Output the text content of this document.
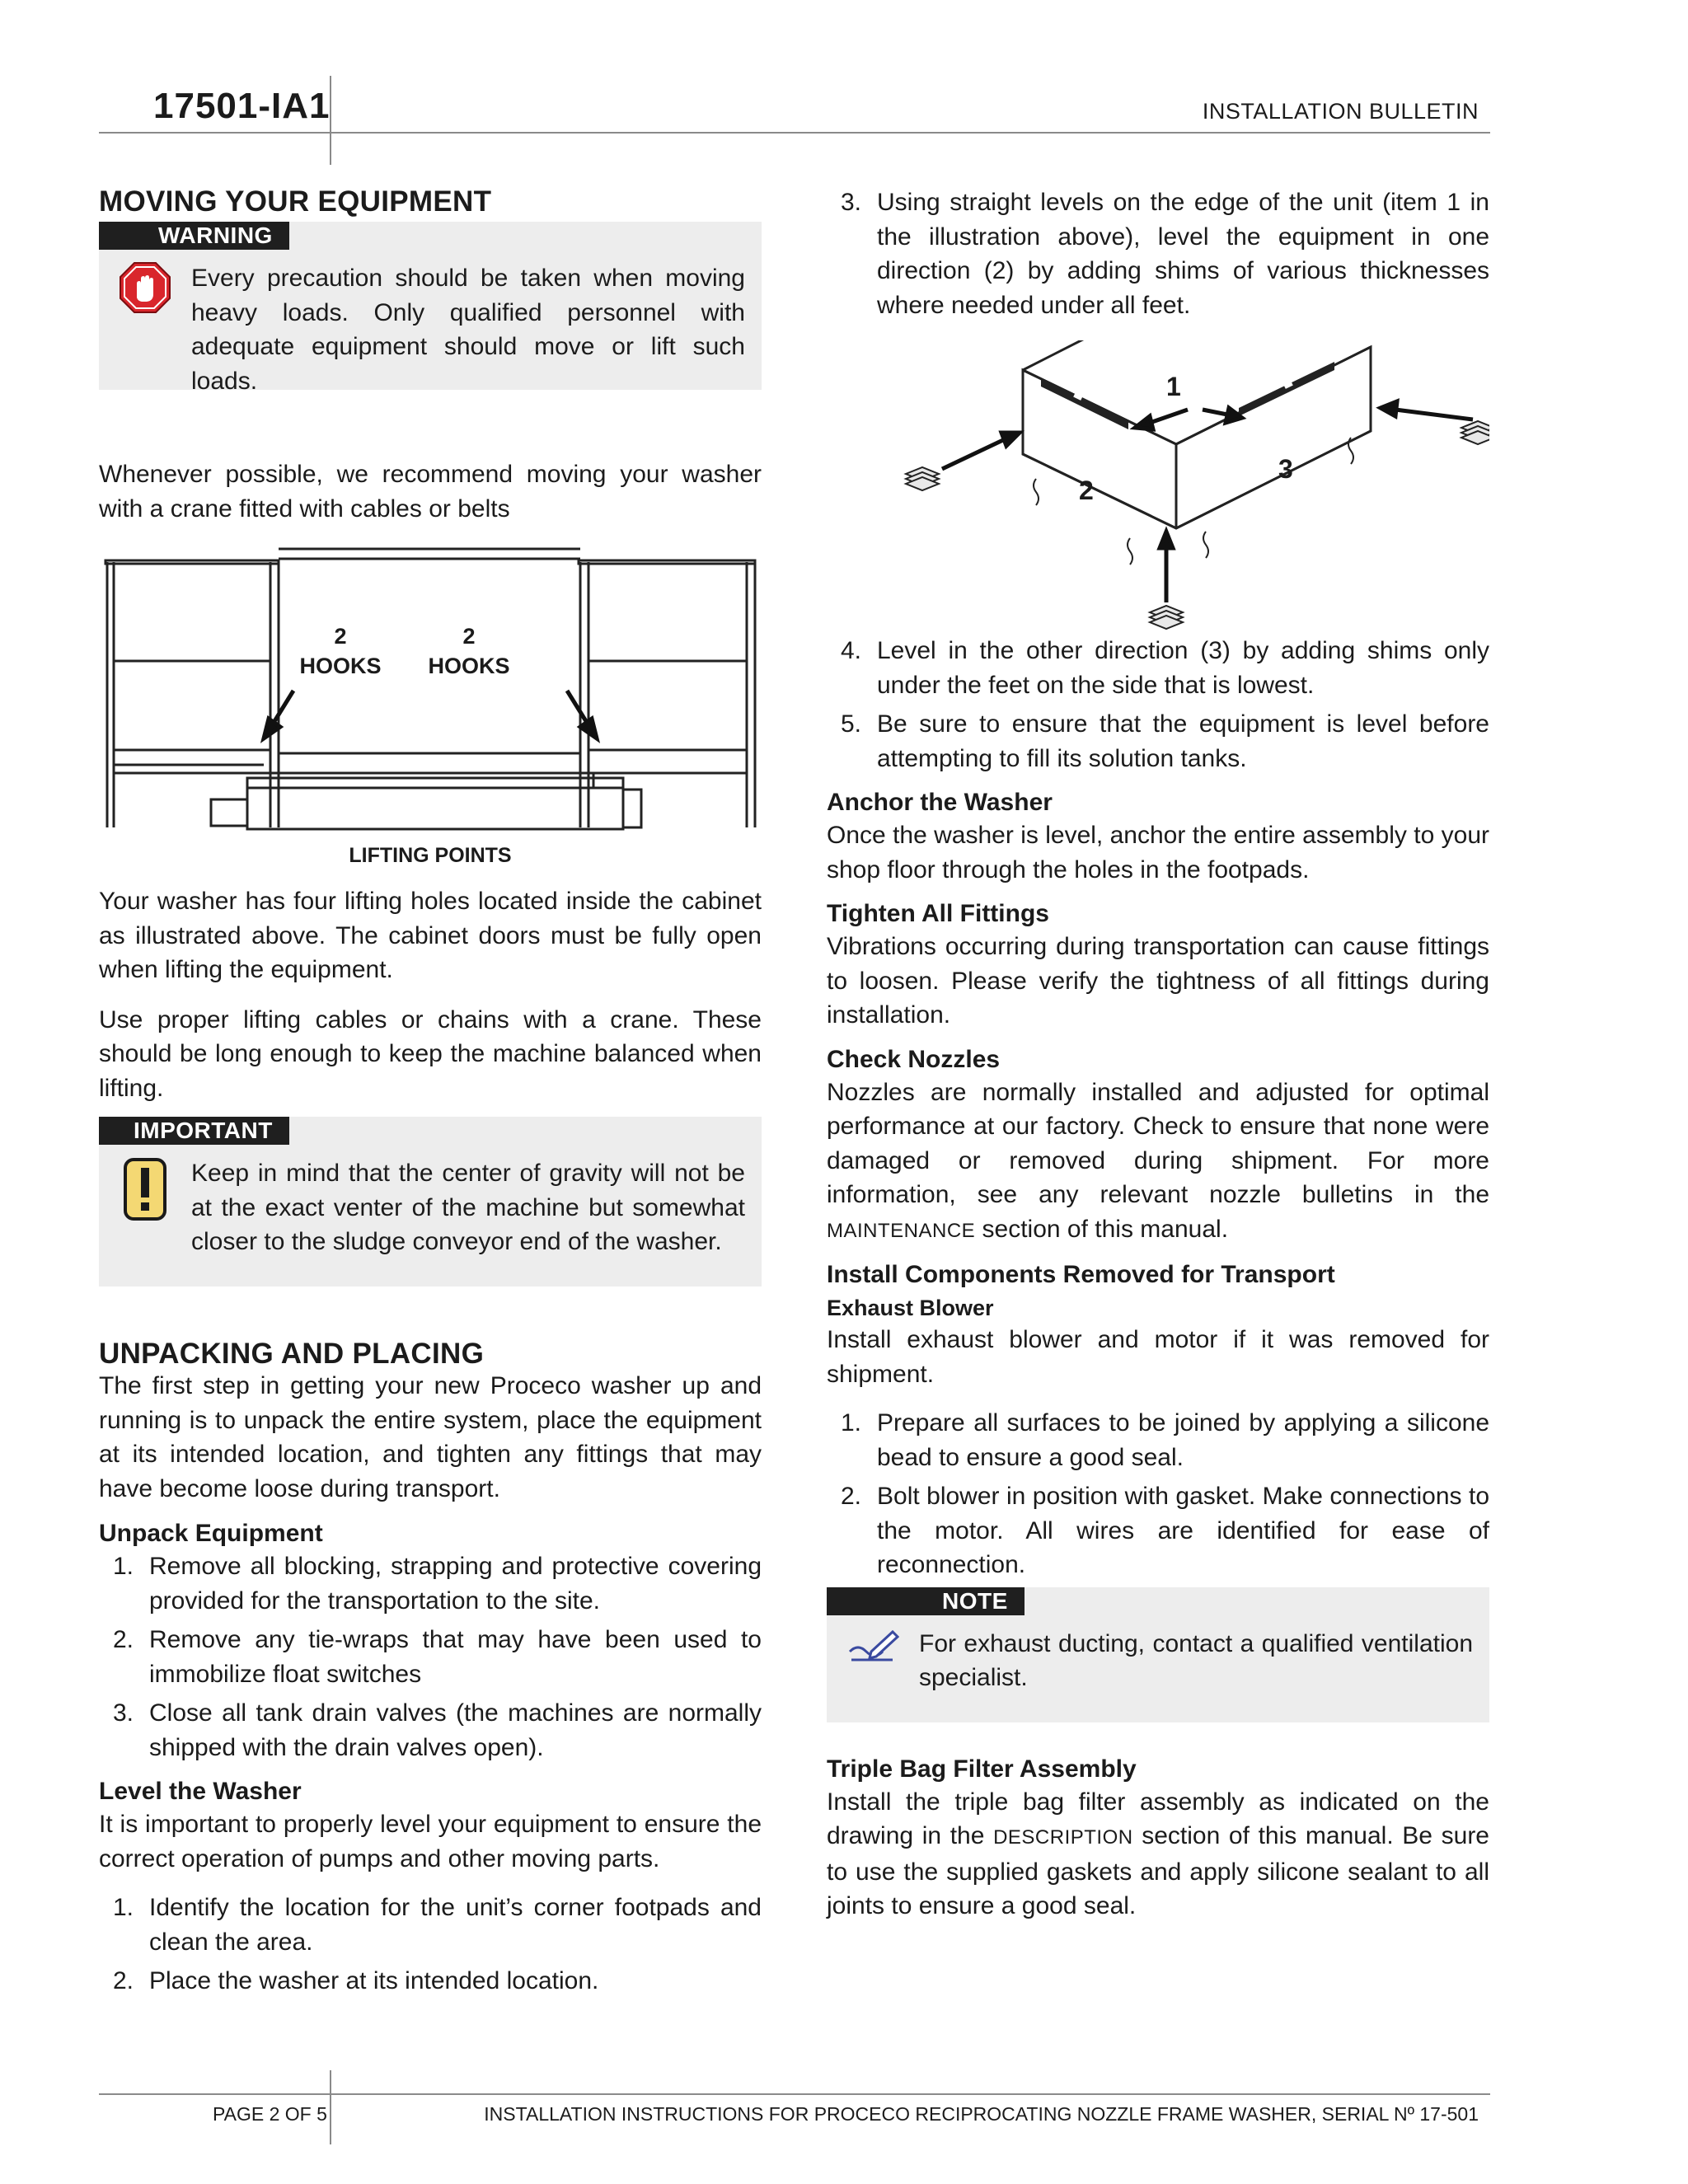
17501-IA1	INSTALLATION BULLETIN
MOVING YOUR EQUIPMENT
WARNING
Every precaution should be taken when moving heavy loads. Only qualified personnel with adequate equipment should move or lift such loads.

Whenever possible, we recommend moving your washer with a crane fitted with cables or belts

2
HOOKS
2
HOOKS
LIFTING POINTS

Your washer has four lifting holes located inside the cabinet as illustrated above. The cabinet doors must be fully open when lifting the equipment.

Use proper lifting cables or chains with a crane. These should be long enough to keep the machine balanced when lifting.

IMPORTANT
Keep in mind that the center of gravity will not be at the exact venter of the machine but somewhat closer to the sludge conveyor end of the washer.
UNPACKING AND PLACING

The first step in getting your new Proceco washer up and running is to unpack the entire system, place the equipment at its intended location, and tighten any fittings that may have become loose during transport.

Unpack Equipment
1. Remove all blocking, strapping and protective covering provided for the transportation to the site.
2. Remove any tie-wraps that may have been used to immobilize float switches
3. Close all tank drain valves (the machines are normally shipped with the drain valves open).
Level the Washer

It is important to properly level your equipment to ensure the correct operation of pumps and other moving parts.

1. Identify the location for the unit’s corner footpads and clean the area.
2. Place the washer at its intended location.
3. Using straight levels on the edge of the unit (item 1 in the illustration above), level the equipment in one direction (2) by adding shims of various thicknesses where needed under all feet.
1
2
3
4. Level in the other direction (3) by adding shims only under the feet on the side that is lowest.
5. Be sure to ensure that the equipment is level before attempting to fill its solution tanks.
Anchor the Washer

Once the washer is level, anchor the entire assembly to your shop floor through the holes in the footpads.

Tighten All Fittings

Vibrations occurring during transportation can cause fittings to loosen. Please verify the tightness of all fittings during installation.

Check Nozzles

Nozzles are normally installed and adjusted for optimal performance at our factory. Check to ensure that none were damaged or removed during shipment. For more information, see any relevant nozzle bulletins in the MAINTENANCE section of this manual.

Install Components Removed for Transport
Exhaust Blower

Install exhaust blower and motor if it was removed for shipment.

1. Prepare all surfaces to be joined by applying a silicone bead to ensure a good seal.
2. Bolt blower in position with gasket. Make connections to the motor. All wires are identified for ease of reconnection.
NOTE
For exhaust ducting, contact a qualified ventilation specialist.
Triple Bag Filter Assembly

Install the triple bag filter assembly as indicated on the drawing in the DESCRIPTION section of this manual. Be sure to use the supplied gaskets and apply silicone sealant to all joints to ensure a good seal.

PAGE 2 OF 5	INSTALLATION INSTRUCTIONS FOR PROCECO RECIPROCATING NOZZLE FRAME WASHER, SERIAL Nº 17-501
